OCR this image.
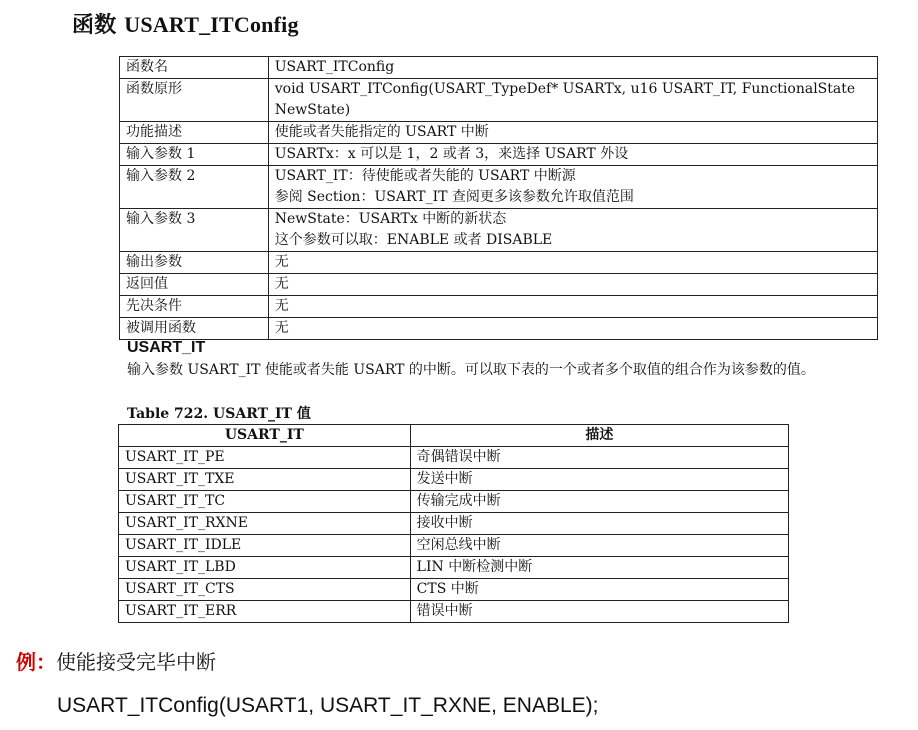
函数 USART_ITConfig
函数名	USART_ITConfig

函数原形	void USART_ITConfig(USART_TypeDef* USARTx, u16 USART_IT, FunctionalState
NewState)

功能描述	使能或者失能指定的 USART 中断

输入参数 1	USARTx：x 可以是 1，2 或者 3，来选择 USART 外设

输入参数 2	USART_IT：待使能或者失能的 USART 中断源
参阅 Section：USART_IT 查阅更多该参数允许取值范围

输入参数 3	NewState：USARTx 中断的新状态
这个参数可以取：ENABLE 或者 DISABLE

输出参数	无

返回值	无

先决条件	无

被调用函数	无
USART_IT
输入参数 USART_IT 使能或者失能 USART 的中断。可以取下表的一个或者多个取值的组合作为该参数的值。
Table 722. USART_IT 值
USART_IT	描述
USART_IT_PE	奇偶错误中断
USART_IT_TXE	发送中断
USART_IT_TC	传输完成中断
USART_IT_RXNE	接收中断
USART_IT_IDLE	空闲总线中断
USART_IT_LBD	LIN 中断检测中断
USART_IT_CTS	CTS 中断
USART_IT_ERR	错误中断
例：使能接受完毕中断
USART_ITConfig(USART1, USART_IT_RXNE, ENABLE);
